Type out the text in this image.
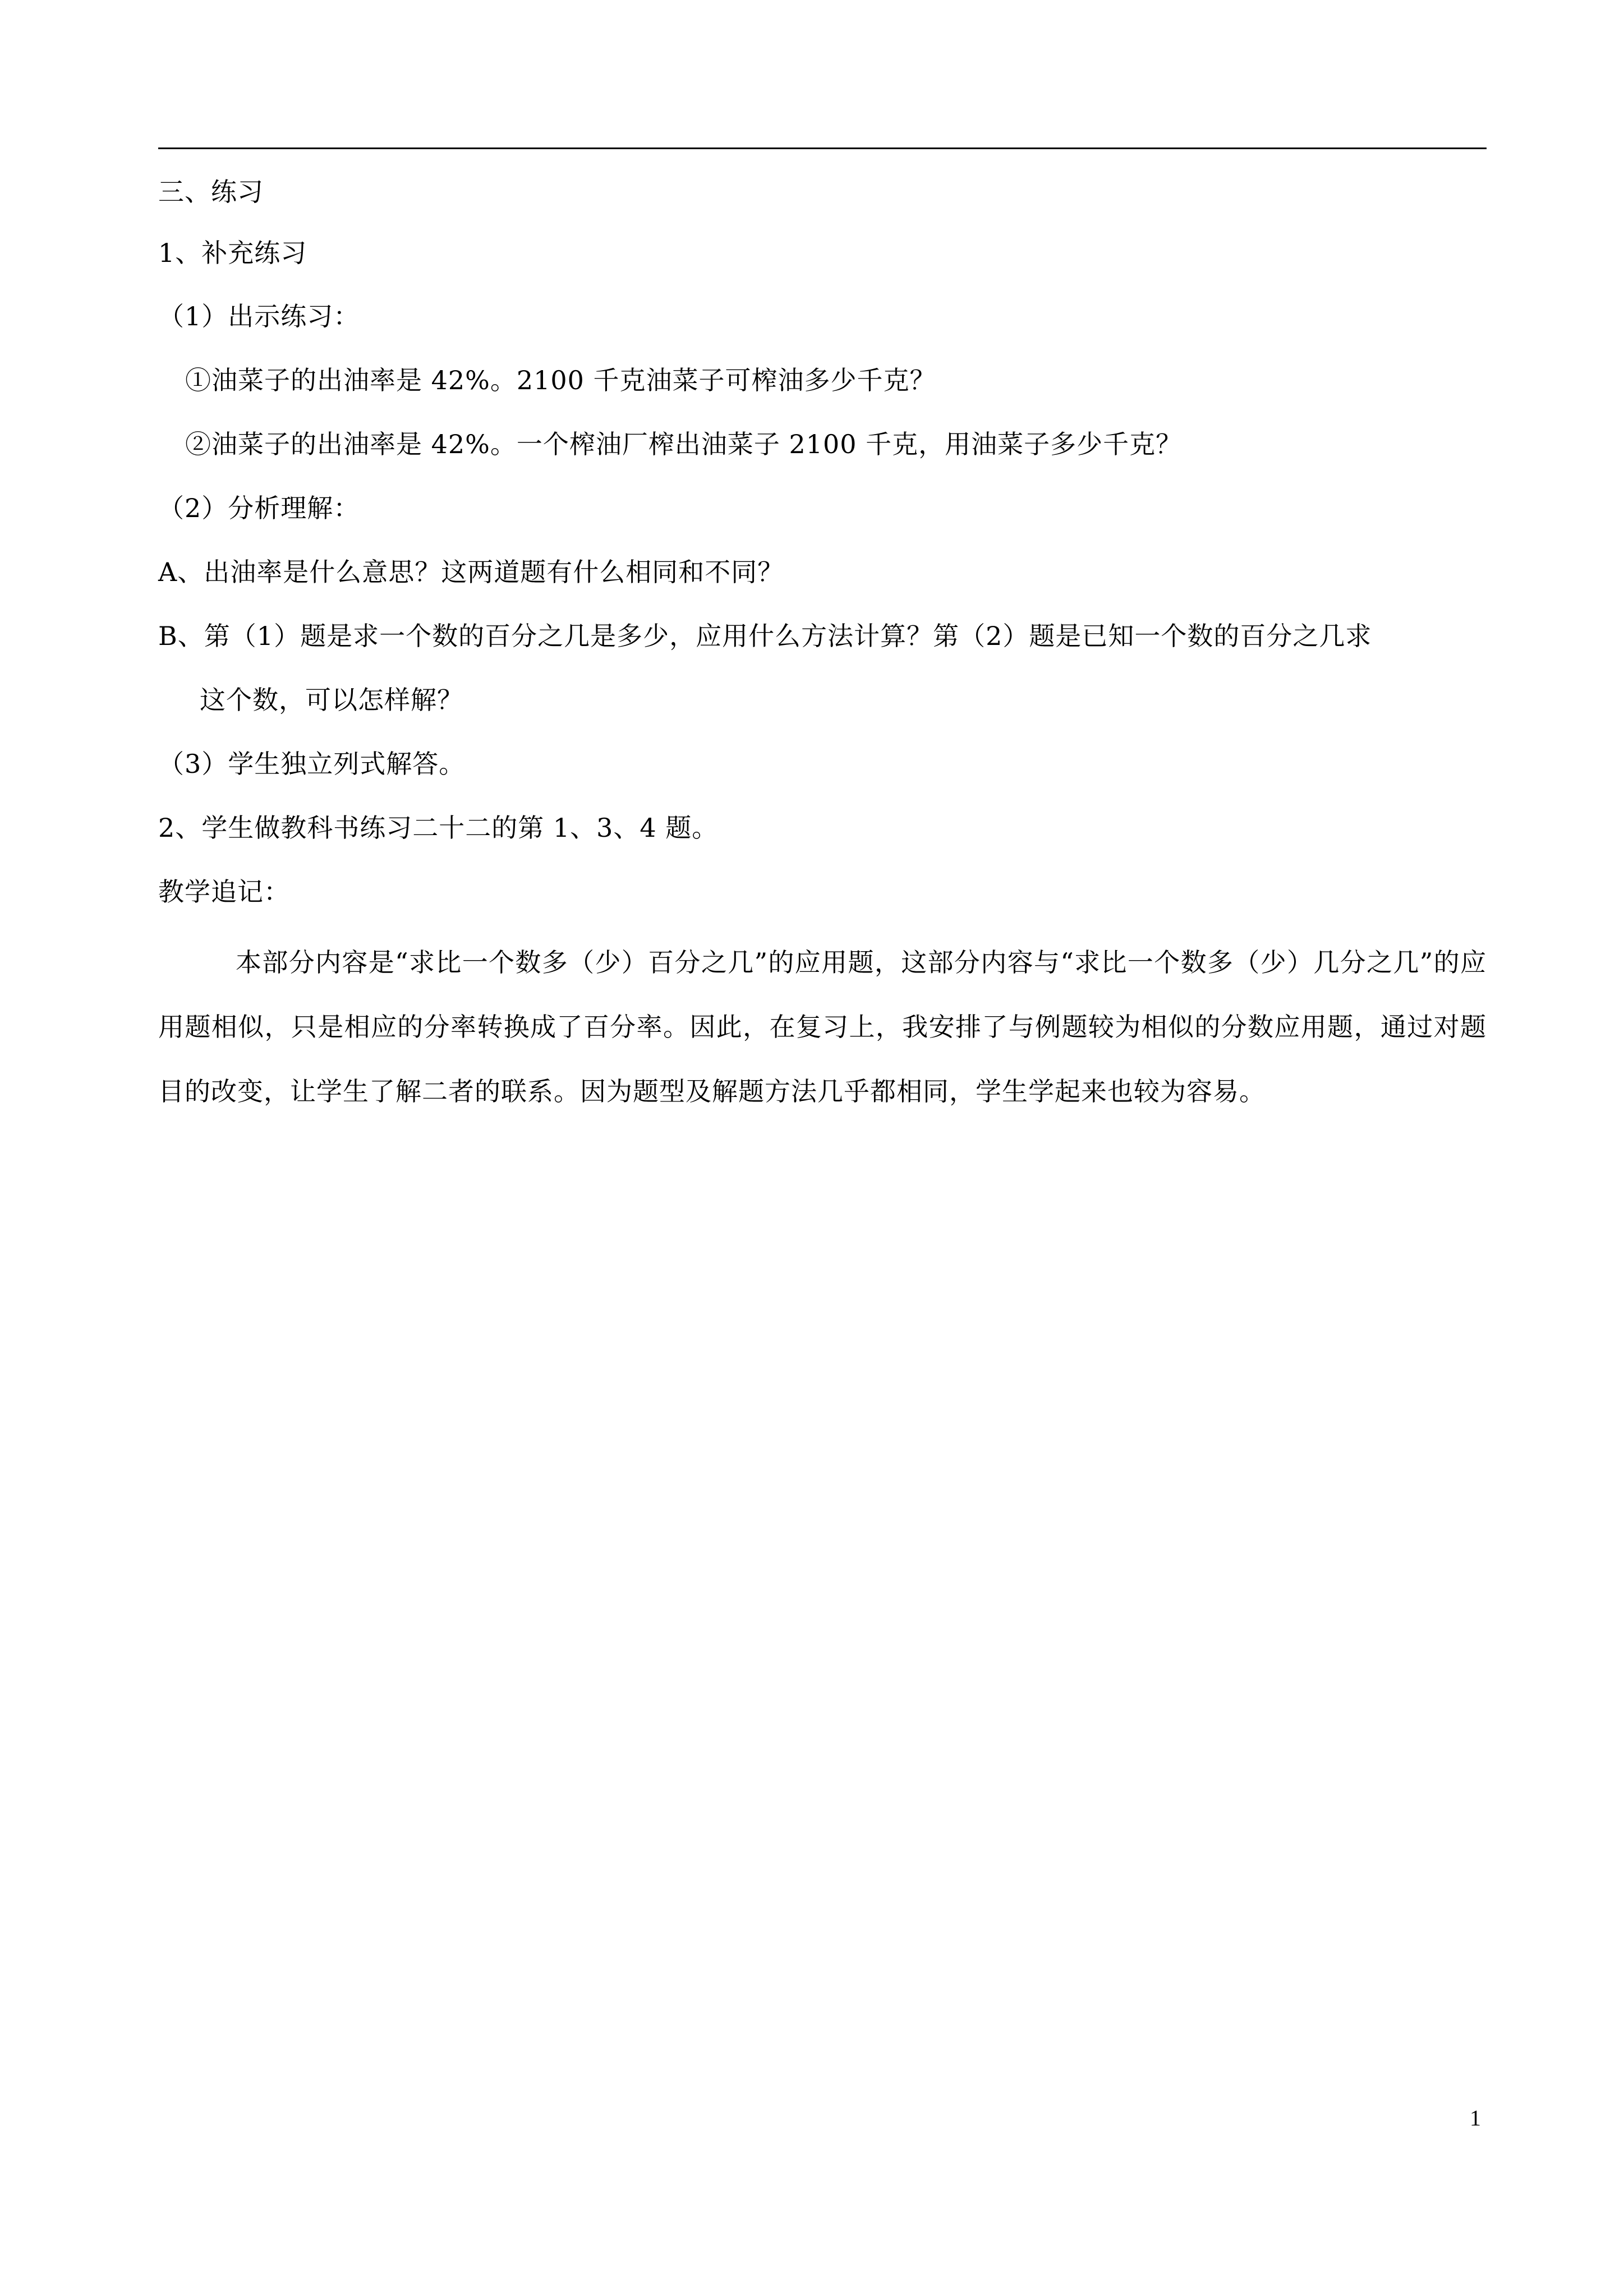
三、练习
1、补充练习
（1）出示练习：
①油菜子的出油率是 42%。2100 千克油菜子可榨油多少千克？
②油菜子的出油率是 42%。一个榨油厂榨出油菜子 2100 千克，用油菜子多少千克？
（2）分析理解：
A、出油率是什么意思？这两道题有什么相同和不同？
B、第（1）题是求一个数的百分之几是多少，应用什么方法计算？第（2）题是已知一个数的百分之几求
这个数，可以怎样解？
（3）学生独立列式解答。
2、学生做教科书练习二十二的第 1、3、4 题。
教学追记：
本部分内容是“求比一个数多（少）百分之几”的应用题，这部分内容与“求比一个数多（少）几分之几”的应用题相似，只是相应的分率转换成了百分率。因此，在复习上，我安排了与例题较为相似的分数应用题，通过对题目的改变，让学生了解二者的联系。因为题型及解题方法几乎都相同，学生学起来也较为容易。
1
